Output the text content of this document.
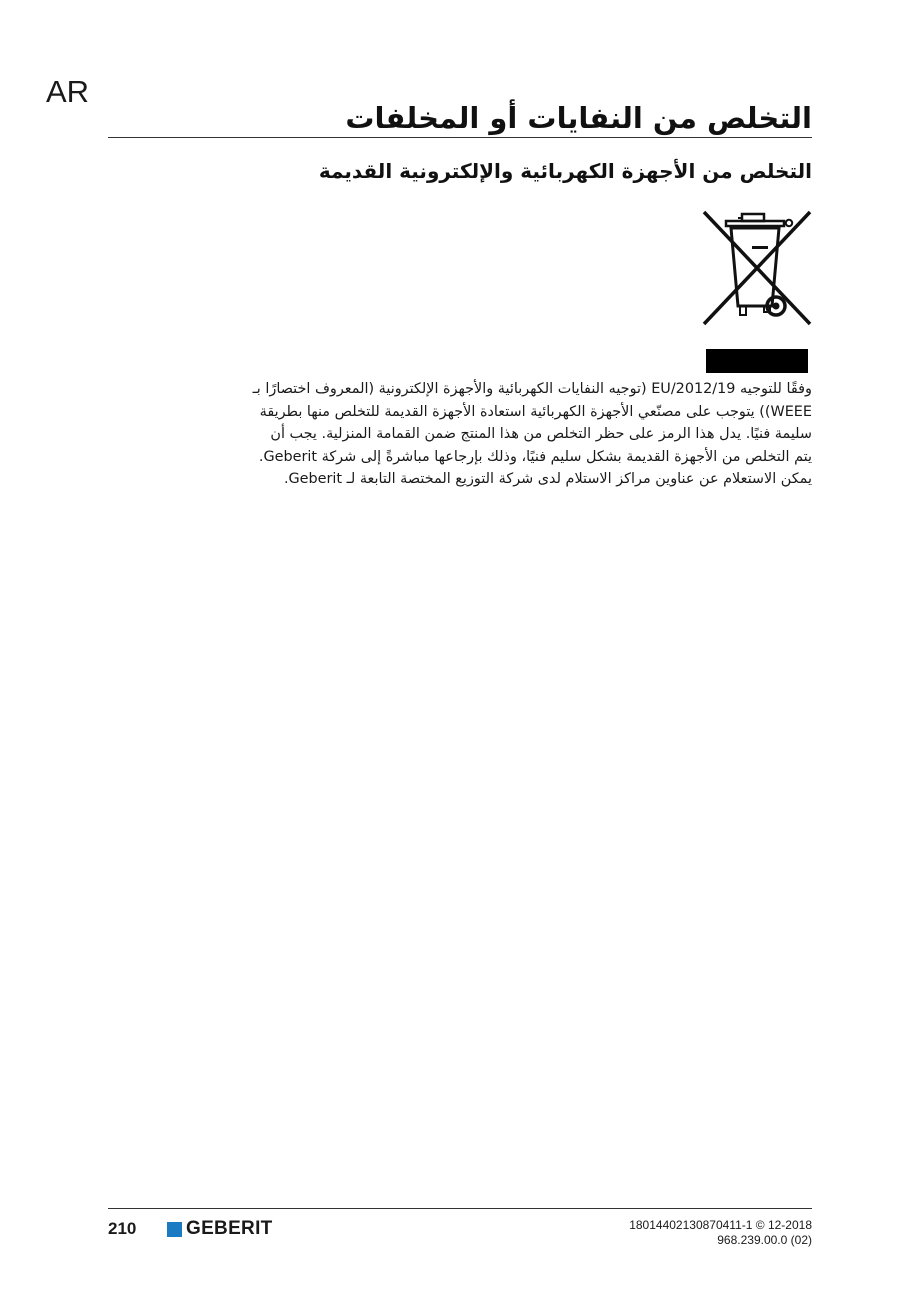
AR
التخلص من النفايات أو المخلفات
التخلص من الأجهزة الكهربائية والإلكترونية القديمة
وفقًا للتوجيه EU/2012/19 (توجيه النفايات الكهربائية والأجهزة الإلكترونية (المعروف اختصارًا بـ
WEEE)) يتوجب على مصنّعي الأجهزة الكهربائية استعادة الأجهزة القديمة للتخلص منها بطريقة
سليمة فنيًا. يدل هذا الرمز على حظر التخلص من هذا المنتج ضمن القمامة المنزلية. يجب أن
يتم التخلص من الأجهزة القديمة بشكل سليم فنيًا، وذلك بإرجاعها مباشرةً إلى شركة Geberit.
يمكن الاستعلام عن عناوين مراكز الاستلام لدى شركة التوزيع المختصة التابعة لـ Geberit.
210	GEBERIT	18014402130870411-1 © 12-2018
968.239.00.0 (02)
